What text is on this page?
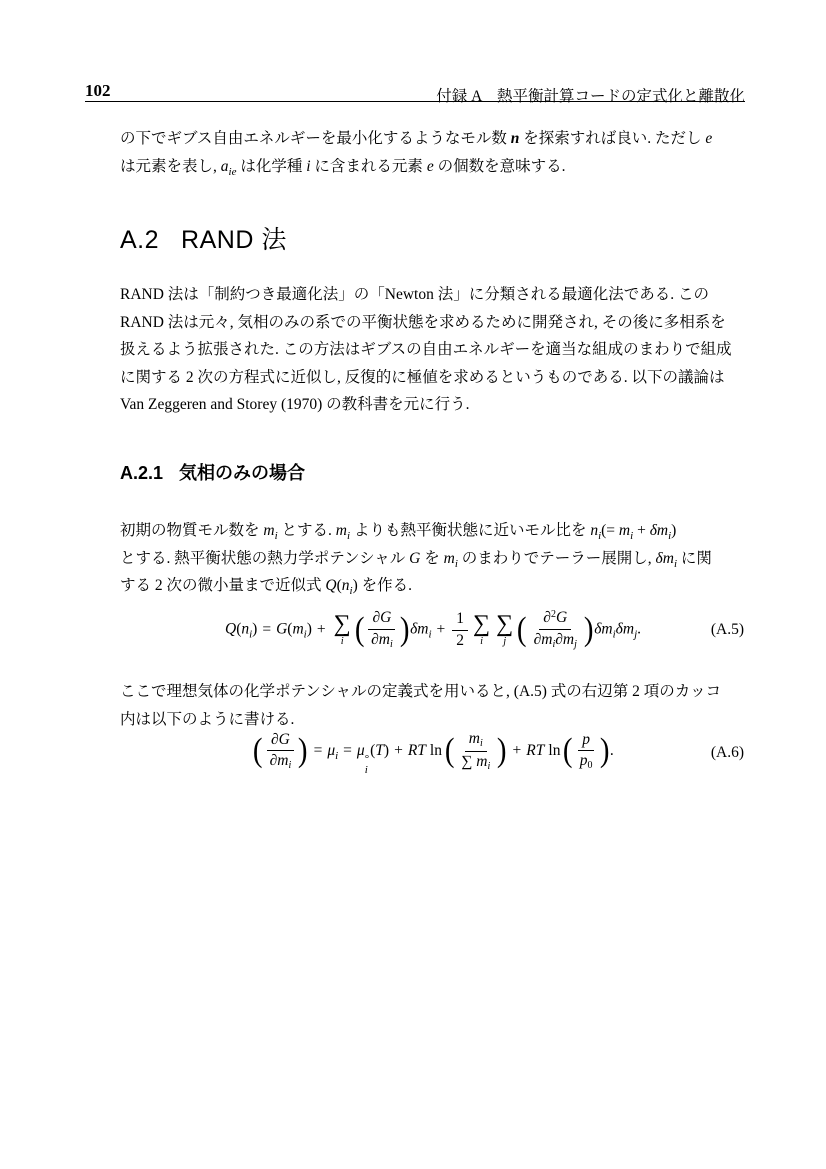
102	付録 A　熱平衡計算コードの定式化と離散化
の下でギブス自由エネルギーを最小化するようなモル数 n を探索すれば良い. ただし e
は元素を表し, $a_{ie}$ は化学種 i に含まれる元素 e の個数を意味する.
A.2 RAND 法
RAND 法は「制約つき最適化法」の「Newton 法」に分類される最適化法である. この
RAND 法は元々, 気相のみの系での平衡状態を求めるために開発され, その後に多相系を
扱えるよう拡張された. この方法はギブスの自由エネルギーを適当な組成のまわりで組成
に関する 2 次の方程式に近似し, 反復的に極値を求めるというものである. 以下の議論は
Van Zeggeren and Storey (1970) の教科書を元に行う.
A.2.1 気相のみの場合
初期の物質モル数を $m_i$ とする. $m_i$ よりも熱平衡状態に近いモル比を $n_i(= m_i + \delta m_i)$
とする. 熱平衡状態の熱力学ポテンシャル G を $m_i$ のまわりでテーラー展開し, $\delta m_i$ に関
する 2 次の微小量まで近似式 $Q(n_i)$ を作る.
$Q(n_i) = G(m_i)$ + ∑
i ( $\frac{\partial G}{\partial m_i} )\delta m_i + \frac{1}{2}$ ∑
i
∑
j ( $\frac{\partial^2G}{\partial m_i\partial m_j} )\delta m_i\delta m_j$.	(A.5)
ここで理想気体の化学ポテンシャルの定義式を用いると, (A.5) 式の右辺第 2 項のカッコ
内は以下のように書ける.
( $\frac{\partial G}{\partial m_i}$ ) = $\mu_i = \mu$ °
i
(T) + RT $\ln( \frac{m_i}{\sum m_i}$ ) + RT $\ln( \frac{p}{p_0}$ ).	(A.6)
